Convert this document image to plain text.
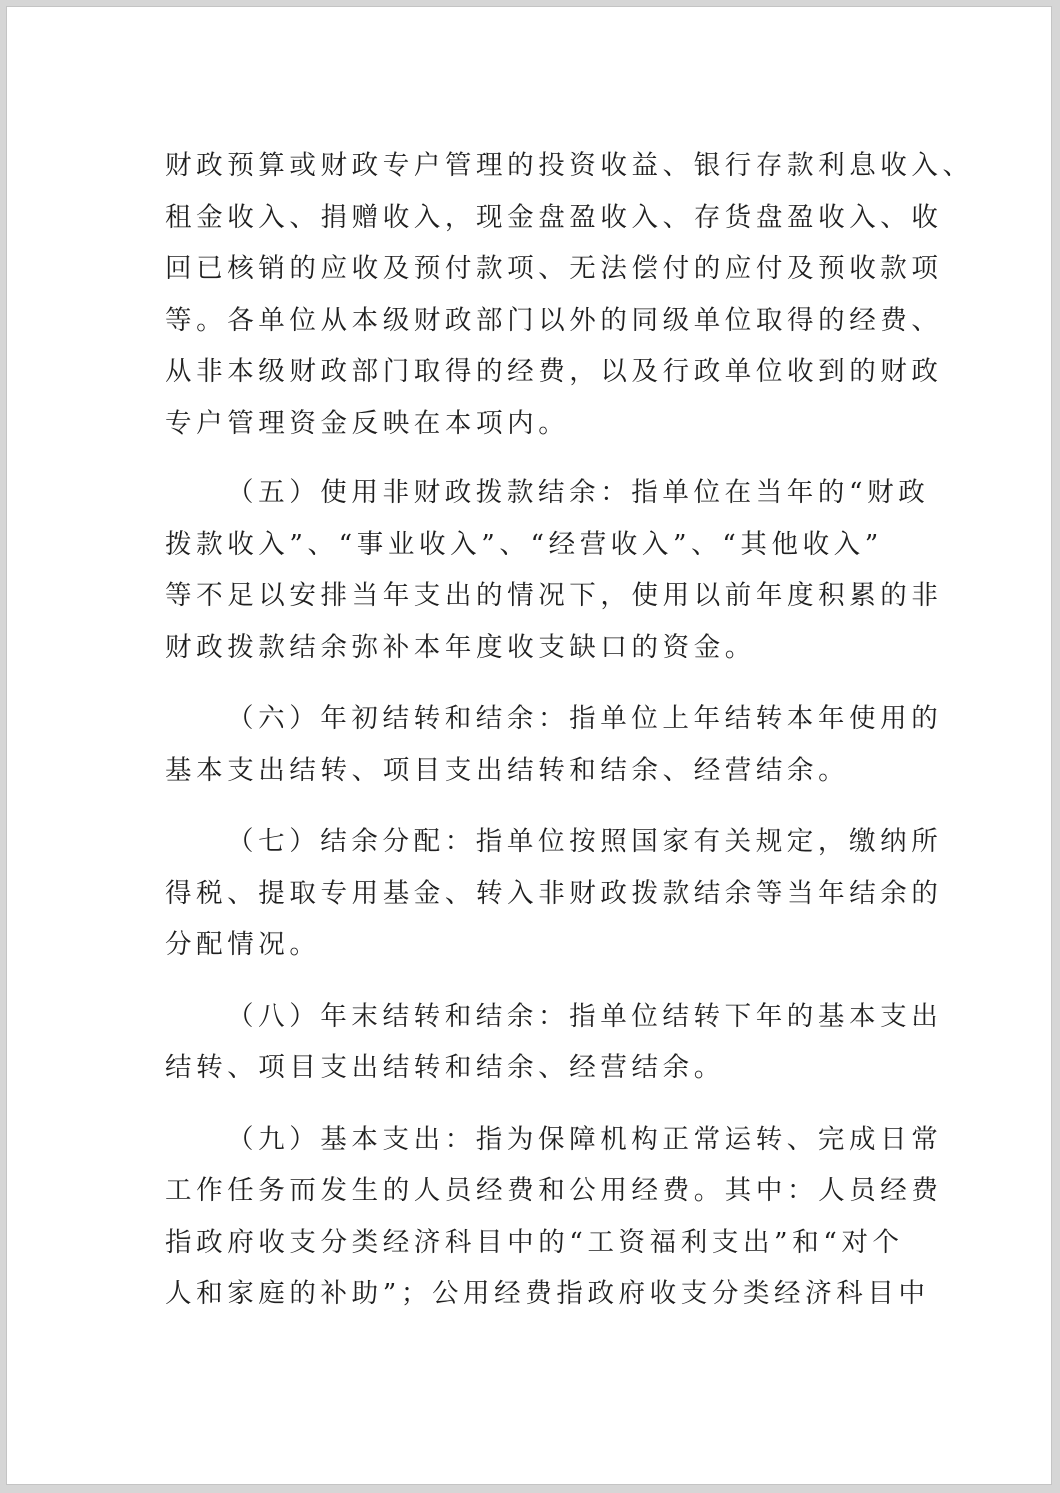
财政预算或财政专户管理的投资收益、银行存款利息收入、
租金收入、捐赠收入，现金盘盈收入、存货盘盈收入、收
回已核销的应收及预付款项、无法偿付的应付及预收款项
等。各单位从本级财政部门以外的同级单位取得的经费、
从非本级财政部门取得的经费，以及行政单位收到的财政
专户管理资金反映在本项内。
（五）使用非财政拨款结余：指单位在当年的“财政
拨款收入”、“事业收入”、“经营收入”、“其他收入”
等不足以安排当年支出的情况下，使用以前年度积累的非
财政拨款结余弥补本年度收支缺口的资金。
（六）年初结转和结余：指单位上年结转本年使用的
基本支出结转、项目支出结转和结余、经营结余。
（七）结余分配：指单位按照国家有关规定，缴纳所
得税、提取专用基金、转入非财政拨款结余等当年结余的
分配情况。
（八）年末结转和结余：指单位结转下年的基本支出
结转、项目支出结转和结余、经营结余。
（九）基本支出：指为保障机构正常运转、完成日常
工作任务而发生的人员经费和公用经费。其中：人员经费
指政府收支分类经济科目中的“工资福利支出”和“对个
人和家庭的补助”；公用经费指政府收支分类经济科目中
